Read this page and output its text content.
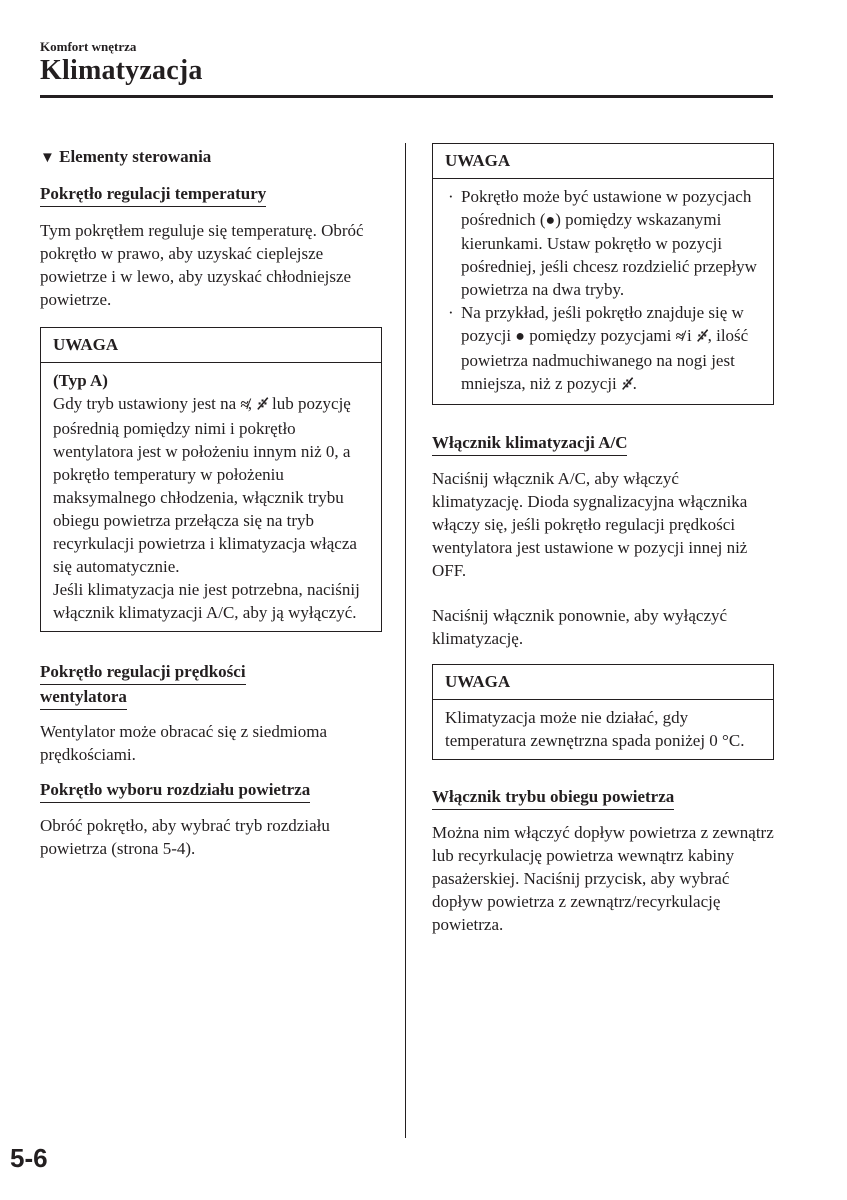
Komfort wnętrza
Klimatyzacja
▼ Elementy sterowania
Pokrętło regulacji temperatury

Tym pokrętłem reguluje się temperaturę. Obróć pokrętło w prawo, aby uzyskać cieplejsze powietrze i w lewo, aby uzyskać chłodniejsze powietrze.

UWAGA
(Typ A)

Gdy tryb ustawiony jest na ≉, ⁘̸ lub pozycję pośrednią pomiędzy nimi i pokrętło wentylatora jest w położeniu innym niż 0, a pokrętło temperatury w położeniu maksymalnego chłodzenia, włącznik trybu obiegu powietrza przełącza się na tryb recyrkulacji powietrza i klimatyzacja włącza się automatycznie.

Jeśli klimatyzacja nie jest potrzebna, naciśnij włącznik klimatyzacji A/C, aby ją wyłączyć.

Pokrętło regulacji prędkości
wentylatora

Wentylator może obracać się z siedmioma prędkościami.

Pokrętło wyboru rozdziału powietrza

Obróć pokrętło, aby wybrać tryb rozdziału powietrza (strona 5-4).

UWAGA
· Pokrętło może być ustawione w pozycjach pośrednich (●) pomiędzy wskazanymi kierunkami. Ustaw pokrętło w pozycji pośredniej, jeśli chcesz rozdzielić przepływ powietrza na dwa tryby.
· Na przykład, jeśli pokrętło znajduje się w pozycji ● pomiędzy pozycjami ≉ i ⁘̸, ilość powietrza nadmuchiwanego na nogi jest mniejsza, niż z pozycji ⁘̸.
Włącznik klimatyzacji A/C

Naciśnij włącznik A/C, aby włączyć klimatyzację. Dioda sygnalizacyjna włącznika włączy się, jeśli pokrętło regulacji prędkości wentylatora jest ustawione w pozycji innej niż OFF.

Naciśnij włącznik ponownie, aby wyłączyć klimatyzację.

UWAGA
Klimatyzacja może nie działać, gdy temperatura zewnętrzna spada poniżej 0 °C.
Włącznik trybu obiegu powietrza

Można nim włączyć dopływ powietrza z zewnątrz lub recyrkulację powietrza wewnątrz kabiny pasażerskiej. Naciśnij przycisk, aby wybrać dopływ powietrza z zewnątrz/recyrkulację powietrza.

5-6
